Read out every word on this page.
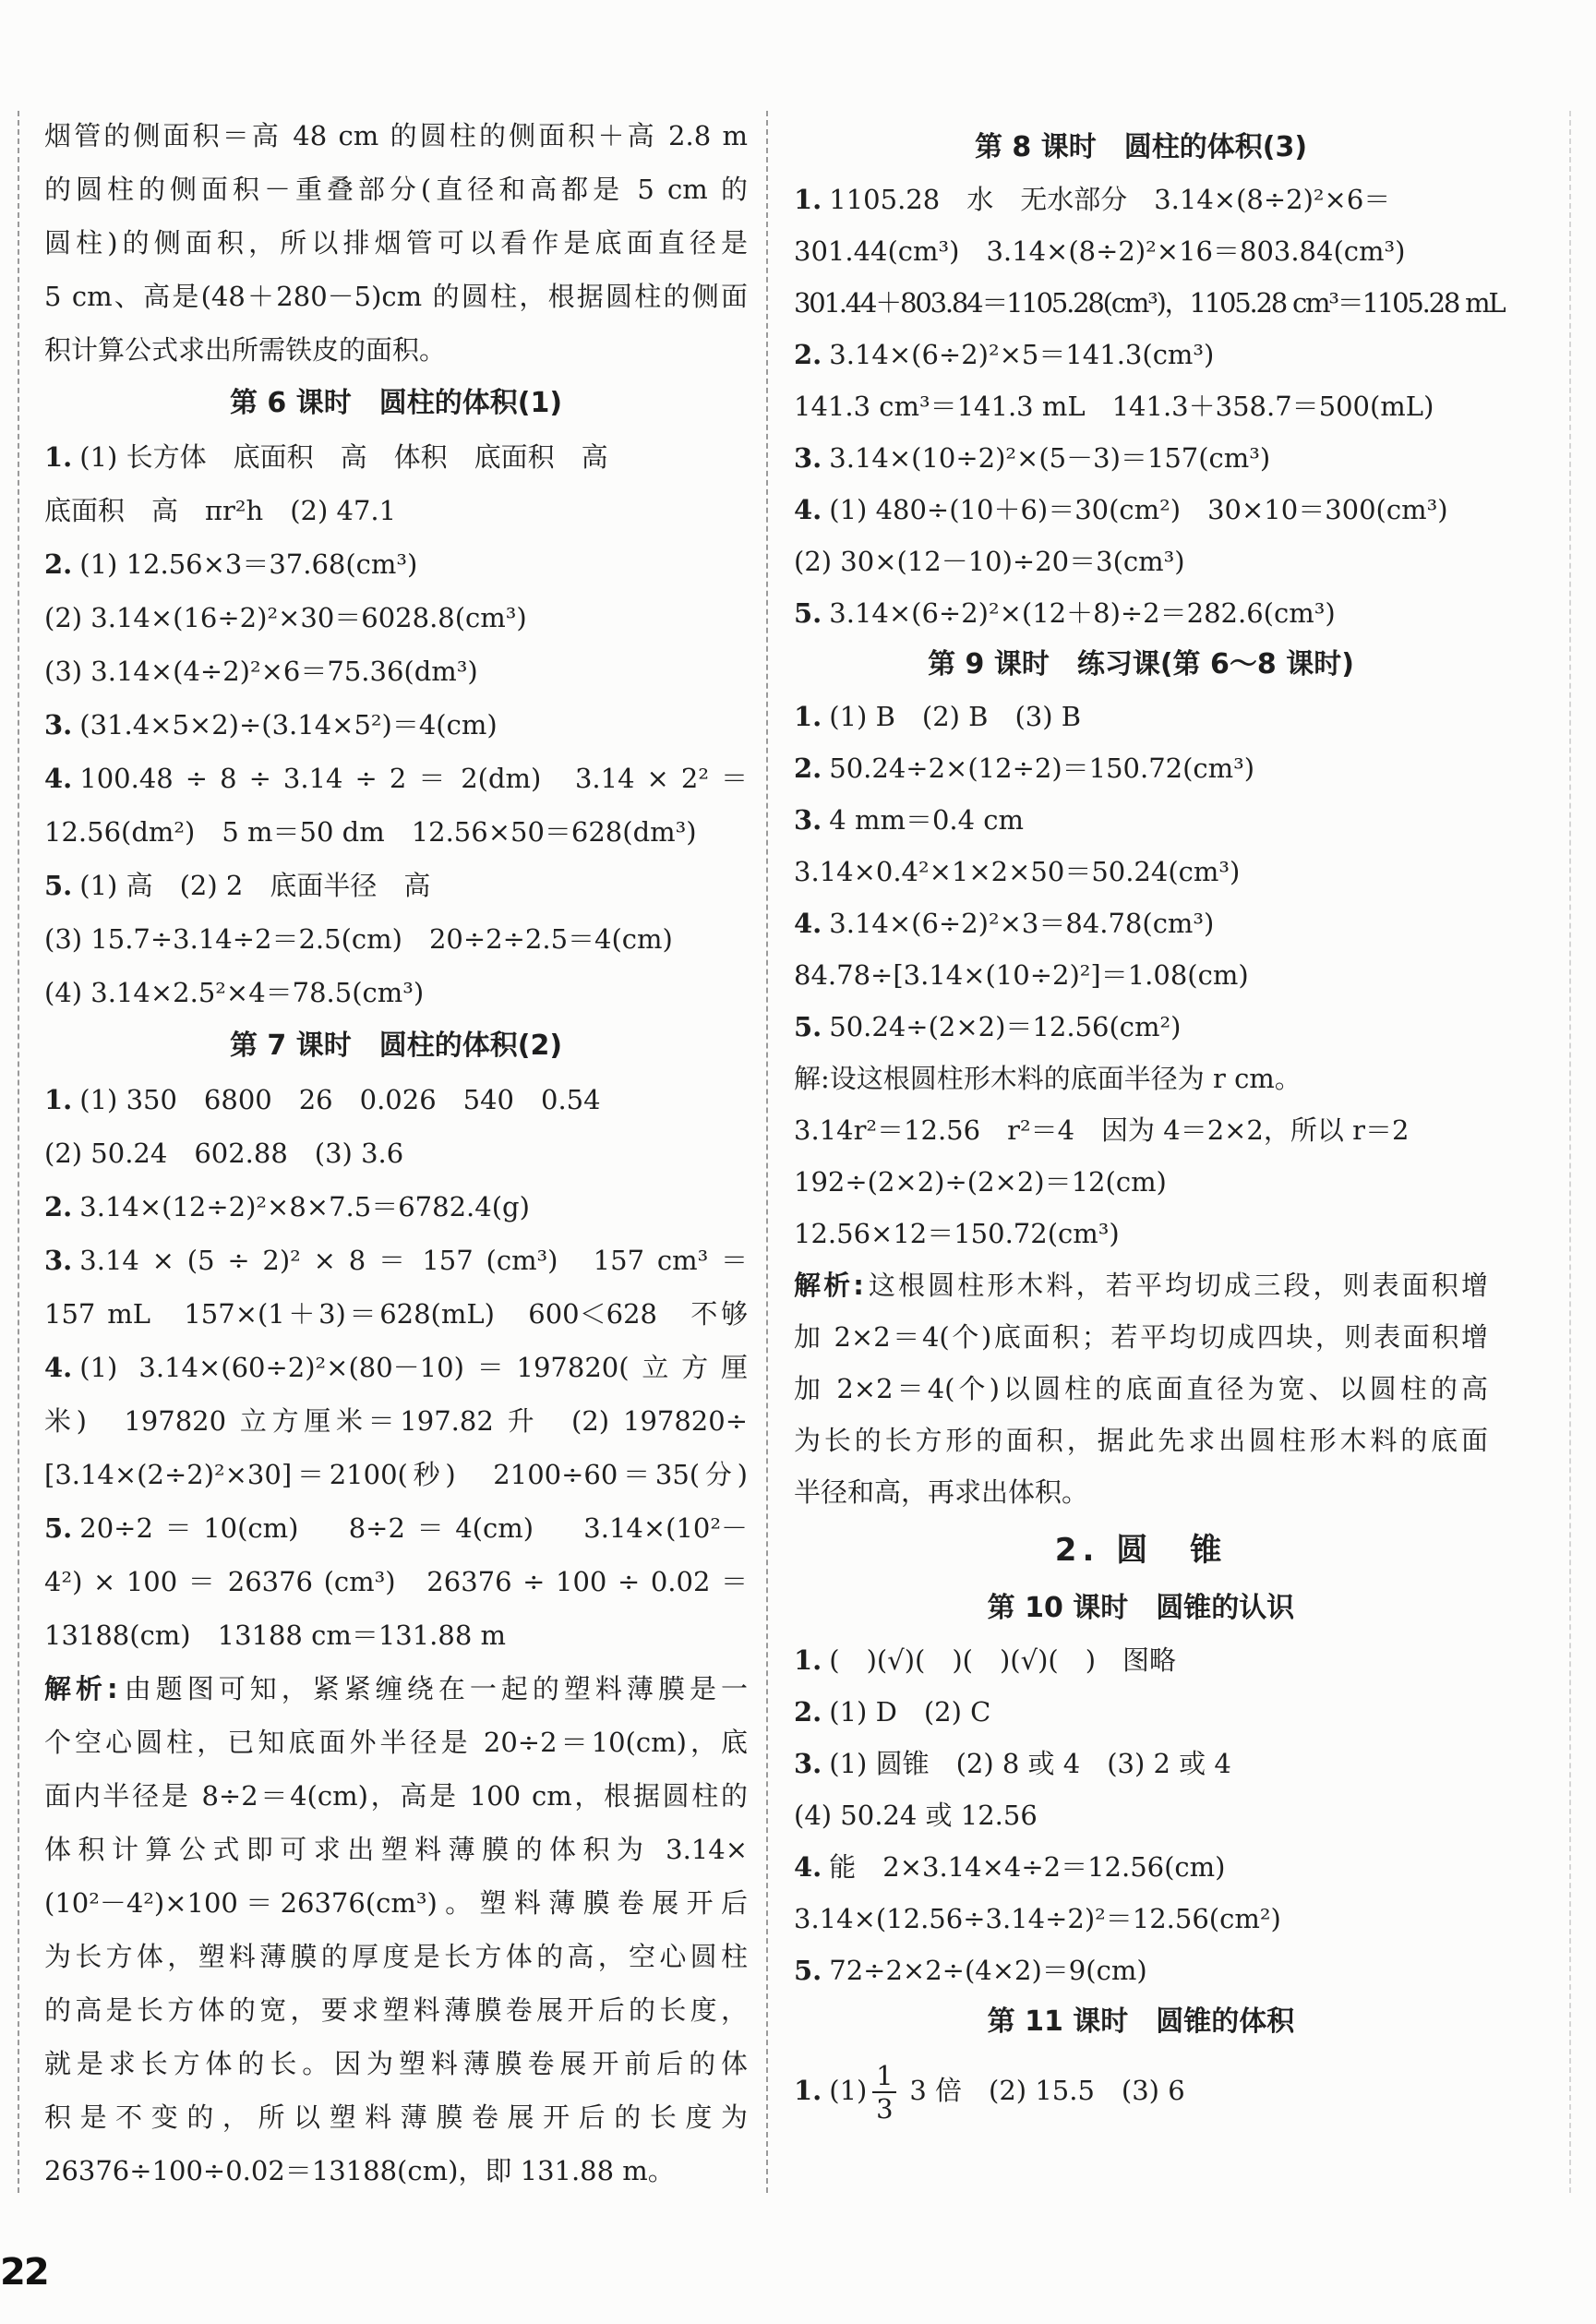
烟管的侧面积＝高 48 cm 的圆柱的侧面积＋高 2.8 m
的圆柱的侧面积－重叠部分(直径和高都是 5 cm 的
圆柱)的侧面积，所以排烟管可以看作是底面直径是
5 cm、高是(48＋280－5)cm 的圆柱，根据圆柱的侧面
积计算公式求出所需铁皮的面积。
第 6 课时　圆柱的体积(1)
1. (1) 长方体　底面积　高　体积　底面积　高
底面积　高　πr²h　(2) 47.1
2. (1) 12.56×3＝37.68(cm³)
(2) 3.14×(16÷2)²×30＝6028.8(cm³)
(3) 3.14×(4÷2)²×6＝75.36(dm³)
3. (31.4×5×2)÷(3.14×5²)＝4(cm)
4. 100.48 ÷ 8 ÷ 3.14 ÷ 2 ＝ 2(dm)　3.14 × 2² ＝
12.56(dm²)　5 m＝50 dm　12.56×50＝628(dm³)
5. (1) 高　(2) 2　底面半径　高
(3) 15.7÷3.14÷2＝2.5(cm)　20÷2÷2.5＝4(cm)
(4) 3.14×2.5²×4＝78.5(cm³)
第 7 课时　圆柱的体积(2)
1. (1) 350　6800　26　0.026　540　0.54
(2) 50.24　602.88　(3) 3.6
2. 3.14×(12÷2)²×8×7.5＝6782.4(g)
3. 3.14 × (5 ÷ 2)² × 8 ＝ 157 (cm³)　157 cm³ ＝
157 mL　157×(1＋3)＝628(mL)　600＜628　不够
4. (1) 3.14×(60÷2)²×(80－10)＝197820(立方厘
米)　197820 立方厘米＝197.82 升　(2) 197820÷
[3.14×(2÷2)²×30]＝2100(秒)　2100÷60＝35(分)
5. 20÷2＝10(cm)　8÷2＝4(cm)　3.14×(10²－
4²) × 100 ＝ 26376 (cm³)　26376 ÷ 100 ÷ 0.02 ＝
13188(cm)　13188 cm＝131.88 m
解析:由题图可知，紧紧缠绕在一起的塑料薄膜是一
个空心圆柱，已知底面外半径是 20÷2＝10(cm)，底
面内半径是 8÷2＝4(cm)，高是 100 cm，根据圆柱的
体积计算公式即可求出塑料薄膜的体积为 3.14×
(10²－4²)×100＝26376(cm³)。塑料薄膜卷展开后
为长方体，塑料薄膜的厚度是长方体的高，空心圆柱
的高是长方体的宽，要求塑料薄膜卷展开后的长度，
就是求长方体的长。因为塑料薄膜卷展开前后的体
积是不变的，所以塑料薄膜卷展开后的长度为
26376÷100÷0.02＝13188(cm)，即 131.88 m。
第 8 课时　圆柱的体积(3)
1. 1105.28　水　无水部分　3.14×(8÷2)²×6＝
301.44(cm³)　3.14×(8÷2)²×16＝803.84(cm³)
301.44＋803.84＝1105.28(cm³)，1105.28 cm³＝1105.28 mL
2. 3.14×(6÷2)²×5＝141.3(cm³)
141.3 cm³＝141.3 mL　141.3＋358.7＝500(mL)
3. 3.14×(10÷2)²×(5－3)＝157(cm³)
4. (1) 480÷(10＋6)＝30(cm²)　30×10＝300(cm³)
(2) 30×(12－10)÷20＝3(cm³)
5. 3.14×(6÷2)²×(12＋8)÷2＝282.6(cm³)
第 9 课时　练习课(第 6～8 课时)
1. (1) B　(2) B　(3) B
2. 50.24÷2×(12÷2)＝150.72(cm³)
3. 4 mm＝0.4 cm
3.14×0.4²×1×2×50＝50.24(cm³)
4. 3.14×(6÷2)²×3＝84.78(cm³)
84.78÷[3.14×(10÷2)²]＝1.08(cm)
5. 50.24÷(2×2)＝12.56(cm²)
解:设这根圆柱形木料的底面半径为 r cm。
3.14r²＝12.56　r²＝4　因为 4＝2×2，所以 r＝2
192÷(2×2)÷(2×2)＝12(cm)
12.56×12＝150.72(cm³)
解析:这根圆柱形木料，若平均切成三段，则表面积增
加 2×2＝4(个)底面积；若平均切成四块，则表面积增
加 2×2＝4(个)以圆柱的底面直径为宽、以圆柱的高
为长的长方形的面积，据此先求出圆柱形木料的底面
半径和高，再求出体积。
2. 圆　锥
第 10 课时　圆锥的认识
1. (　)(√)(　)(　)(√)(　)　图略
2. (1) D　(2) C
3. (1) 圆锥　(2) 8 或 4　(3) 2 或 4
(4) 50.24 或 12.56
4. 能　2×3.14×4÷2＝12.56(cm)
3.14×(12.56÷3.14÷2)²＝12.56(cm²)
5. 72÷2×2÷(4×2)＝9(cm)
第 11 课时　圆锥的体积
1. $(1) \frac{1}{3} 3$ 倍　(2) 15.5　(3) 6
22
